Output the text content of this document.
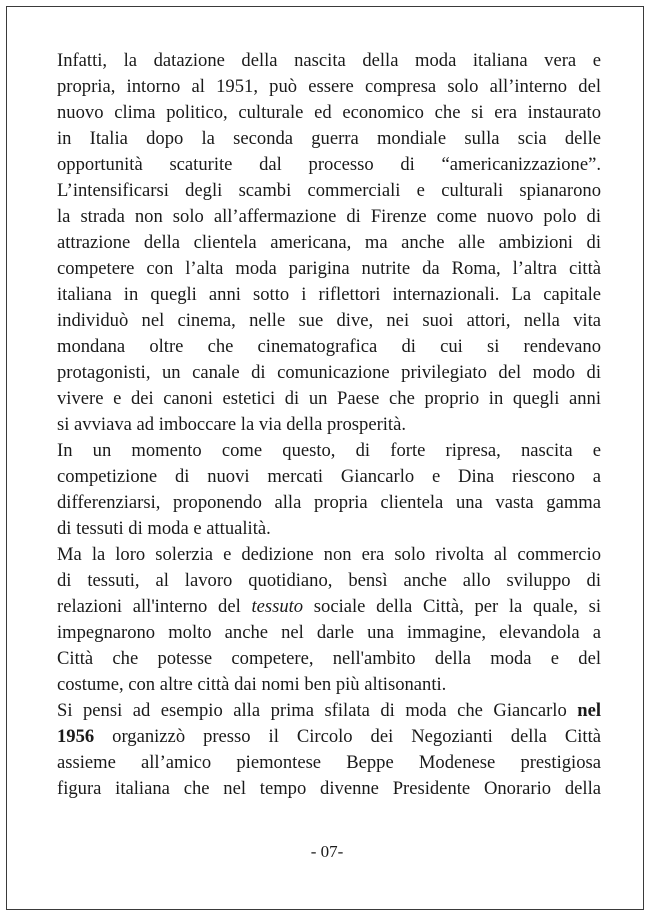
Infatti, la datazione della nascita della moda italiana vera e
propria, intorno al 1951, può essere compresa solo all’interno del
nuovo clima politico, culturale ed economico che si era instaurato
in Italia dopo la seconda guerra mondiale sulla scia delle
opportunità scaturite dal processo di “americanizzazione”.
L’intensificarsi degli scambi commerciali e culturali spianarono
la strada non solo all’affermazione di Firenze come nuovo polo di
attrazione della clientela americana, ma anche alle ambizioni di
competere con l’alta moda parigina nutrite da Roma, l’altra città
italiana in quegli anni sotto i riflettori internazionali. La capitale
individuò nel cinema, nelle sue dive, nei suoi attori, nella vita
mondana oltre che cinematografica di cui si rendevano
protagonisti, un canale di comunicazione privilegiato del modo di
vivere e dei canoni estetici di un Paese che proprio in quegli anni
si avviava ad imboccare la via della prosperità.
In un momento come questo, di forte ripresa, nascita e
competizione di nuovi mercati Giancarlo e Dina riescono a
differenziarsi, proponendo alla propria clientela una vasta gamma
di tessuti di moda e attualità.
Ma la loro solerzia e dedizione non era solo rivolta al commercio
di tessuti, al lavoro quotidiano, bensì anche allo sviluppo di
relazioni all'interno del tessuto sociale della Città, per la quale, si
impegnarono molto anche nel darle una immagine, elevandola a
Città che potesse competere, nell'ambito della moda e del
costume, con altre città dai nomi ben più altisonanti.
Si pensi ad esempio alla prima sfilata di moda che Giancarlo nel
1956 organizzò presso il Circolo dei Negozianti della Città
assieme all’amico piemontese Beppe Modenese prestigiosa
figura italiana che nel tempo divenne Presidente Onorario della
- 07-
